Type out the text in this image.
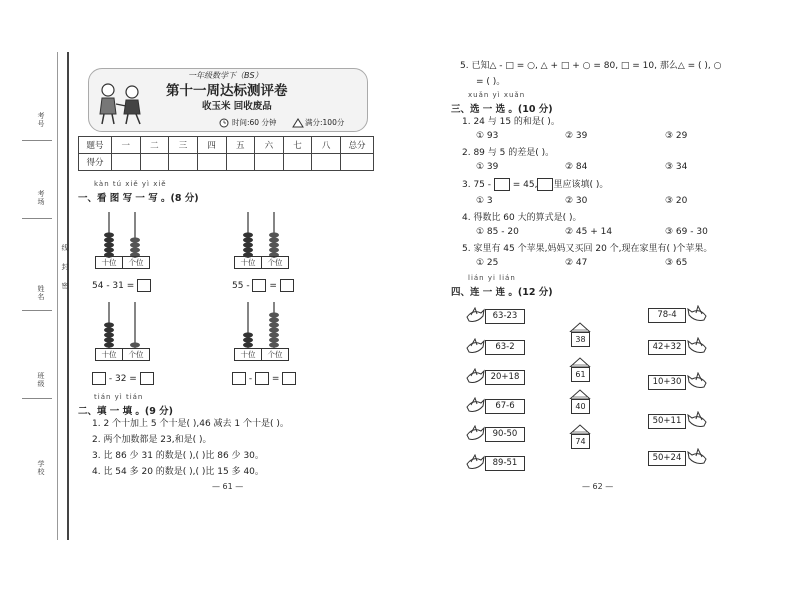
考号
考场
姓名
班级
学校
密
封
线
一年级数学下（BS）
第十一周达标测评卷
收玉米 回收废品
时间:60 分钟	满分:100分
题号	一	二	三	四	五	六	七	八	总分
得分									
kàn tú xiě yì xiě
一、看 图 写 一 写 。(8 分)
十位 个位	十位 个位
十位 个位	十位 个位
54 - 31 =	55 - =
- 32 =	- =
tián yì tián
二、填 一 填 。(9 分)
1. 2 个十加上 5 个十是( ),46 减去 1 个十是( )。
2. 两个加数都是 23,和是( )。
3. 比 86 少 31 的数是( ),( )比 86 少 30。
4. 比 54 多 20 的数是( ),( )比 15 多 40。
— 61 —
5. 已知△ - □ = ○, △ + □ + ○ = 80, □ = 10, 那么△ = ( ), ○
= ( )。
xuǎn yì xuǎn
三、选 一 选 。(10 分)
1. 24 与 15 的和是( )。
① 93	② 39	③ 29
2. 89 与 5 的差是( )。
① 39	② 84	③ 34
3. 75 - = 45, 里应该填( )。
① 3	② 30	③ 20
4. 得数比 60 大的算式是( )。
① 85 - 20	② 45 + 14	③ 69 - 30
5. 家里有 45 个苹果,妈妈又买回 20 个,现在家里有( )个苹果。
① 25	② 47	③ 65
lián yi lián
四、连 一 连 。(12 分)
63-23
63-2
20+18
67-6
90-50
89-51
38
61
40
74
78-4
42+32
10+30
50+11
50+24
— 62 —
